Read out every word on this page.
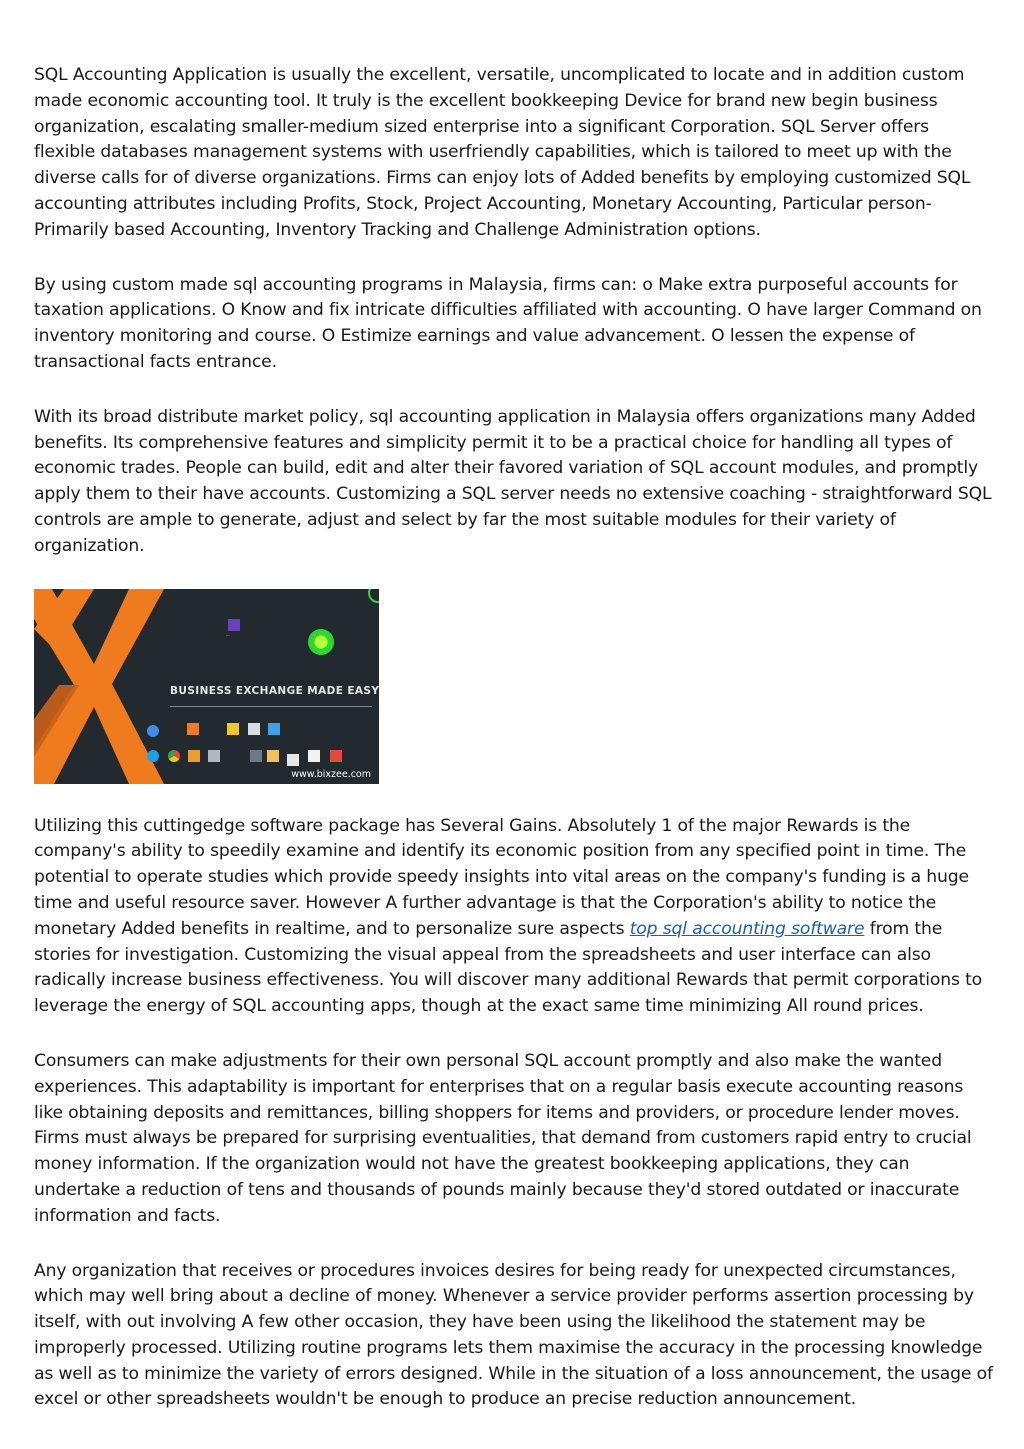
SQL Accounting Application is usually the excellent, versatile, uncomplicated to locate and in addition custom made economic accounting tool. It truly is the excellent bookkeeping Device for brand new begin business organization, escalating smaller-medium sized enterprise into a significant Corporation. SQL Server offers flexible databases management systems with userfriendly capabilities, which is tailored to meet up with the diverse calls for of diverse organizations. Firms can enjoy lots of Added benefits by employing customized SQL accounting attributes including Profits, Stock, Project Accounting, Monetary Accounting, Particular person-Primarily based Accounting, Inventory Tracking and Challenge Administration options.

By using custom made sql accounting programs in Malaysia, firms can: o Make extra purposeful accounts for taxation applications. O Know and fix intricate difficulties affiliated with accounting. O have larger Command on inventory monitoring and course. O Estimize earnings and value advancement. O lessen the expense of transactional facts entrance.

With its broad distribute market policy, sql accounting application in Malaysia offers organizations many Added benefits. Its comprehensive features and simplicity permit it to be a practical choice for handling all types of economic trades. People can build, edit and alter their favored variation of SQL account modules, and promptly apply them to their have accounts. Customizing a SQL server needs no extensive coaching - straightforward SQL controls are ample to generate, adjust and select by far the most suitable modules for their variety of organization.

···
BUSINESS EXCHANGE MADE EASY
www.bixzee.com

Utilizing this cuttingedge software package has Several Gains. Absolutely 1 of the major Rewards is the company's ability to speedily examine and identify its economic position from any specified point in time. The potential to operate studies which provide speedy insights into vital areas on the company's funding is a huge time and useful resource saver. However A further advantage is that the Corporation's ability to notice the monetary Added benefits in realtime, and to personalize sure aspects top sql accounting software from the stories for investigation. Customizing the visual appeal from the spreadsheets and user interface can also radically increase business effectiveness. You will discover many additional Rewards that permit corporations to leverage the energy of SQL accounting apps, though at the exact same time minimizing All round prices.

Consumers can make adjustments for their own personal SQL account promptly and also make the wanted experiences. This adaptability is important for enterprises that on a regular basis execute accounting reasons like obtaining deposits and remittances, billing shoppers for items and providers, or procedure lender moves. Firms must always be prepared for surprising eventualities, that demand from customers rapid entry to crucial money information. If the organization would not have the greatest bookkeeping applications, they can undertake a reduction of tens and thousands of pounds mainly because they'd stored outdated or inaccurate information and facts.

Any organization that receives or procedures invoices desires for being ready for unexpected circumstances, which may well bring about a decline of money. Whenever a service provider performs assertion processing by itself, with out involving A few other occasion, they have been using the likelihood the statement may be improperly processed. Utilizing routine programs lets them maximise the accuracy in the processing knowledge as well as to minimize the variety of errors designed. While in the situation of a loss announcement, the usage of excel or other spreadsheets wouldn't be enough to produce an precise reduction announcement.
